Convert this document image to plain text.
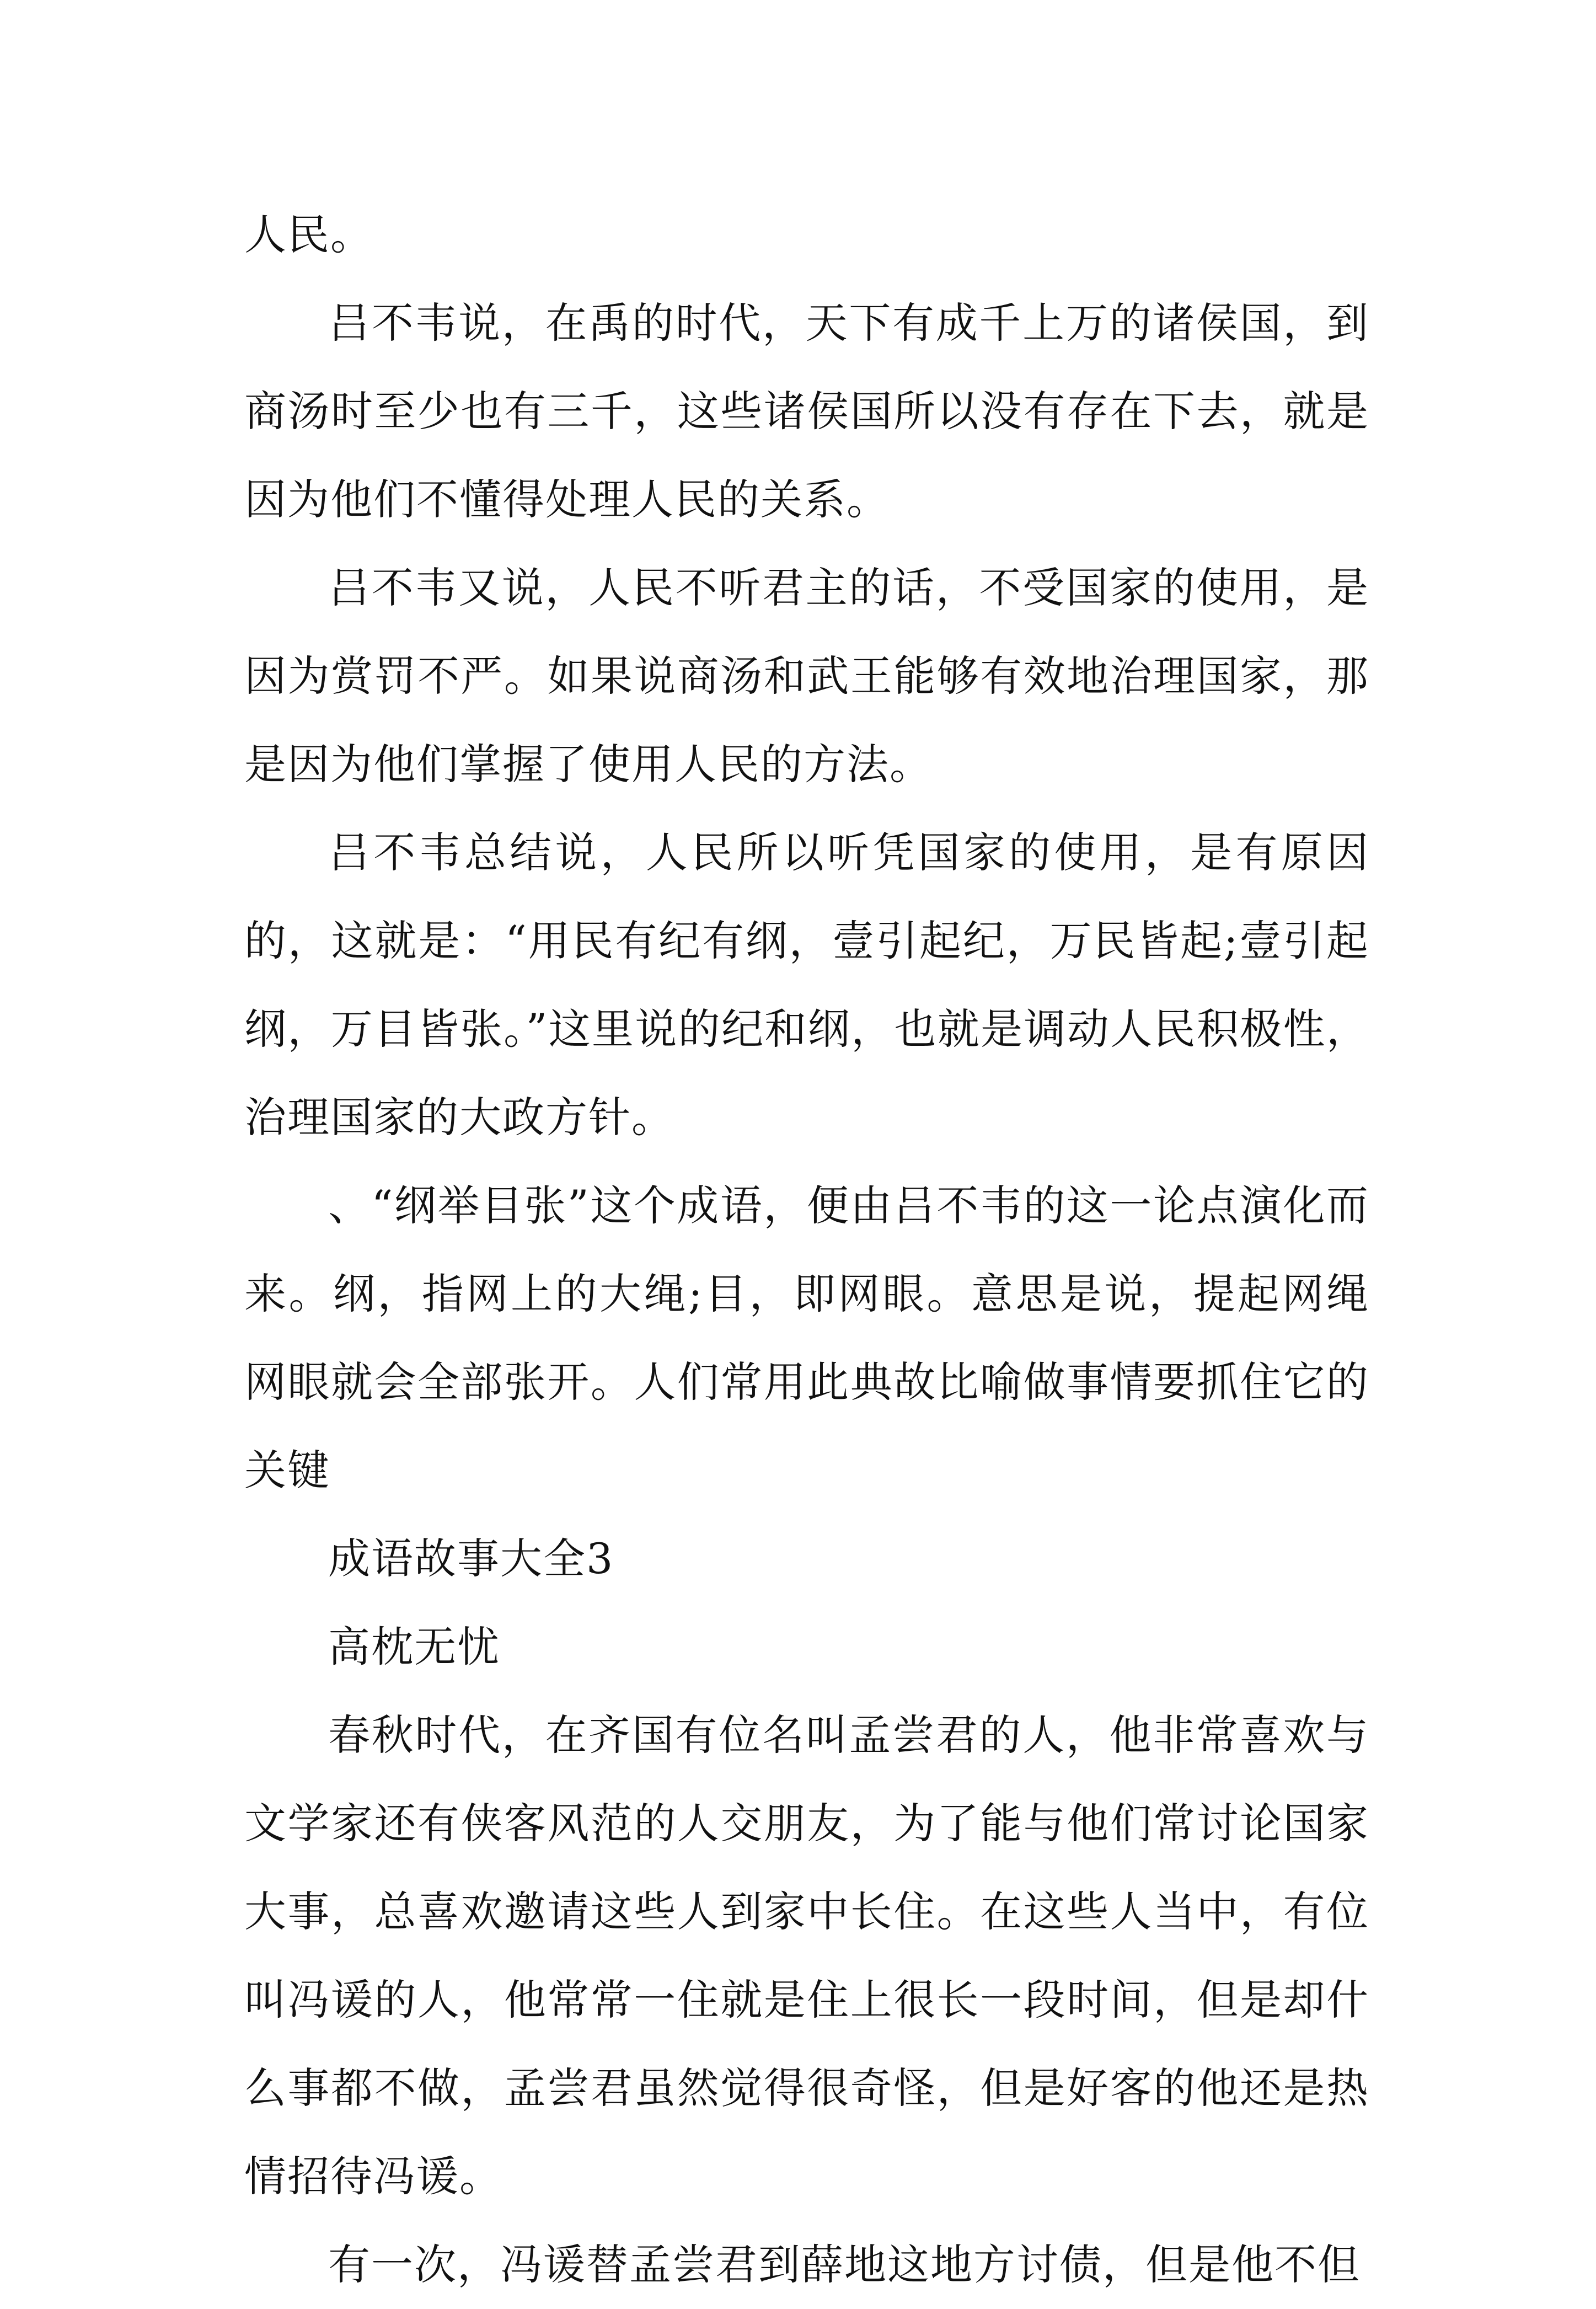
人民。

吕不韦说，在禹的时代，天下有成千上万的诸侯国，到商汤时至少也有三千，这些诸侯国所以没有存在下去，就是因为他们不懂得处理人民的关系。

吕不韦又说，人民不听君主的话，不受国家的使用，是因为赏罚不严。如果说商汤和武王能够有效地治理国家，那是因为他们掌握了使用人民的方法。

吕不韦总结说，人民所以听凭国家的使用，是有原因的，这就是：“用民有纪有纲，壹引起纪，万民皆起;壹引起纲，万目皆张。”这里说的纪和纲，也就是调动人民积极性，治理国家的大政方针。

、“纲举目张”这个成语，便由吕不韦的这一论点演化而来。纲，指网上的大绳;目，即网眼。意思是说，提起网绳网眼就会全部张开。人们常用此典故比喻做事情要抓住它的关键

成语故事大全3

高枕无忧

春秋时代，在齐国有位名叫孟尝君的人，他非常喜欢与文学家还有侠客风范的人交朋友，为了能与他们常讨论国家大事，总喜欢邀请这些人到家中长住。在这些人当中，有位叫冯谖的人，他常常一住就是住上很长一段时间，但是却什么事都不做，孟尝君虽然觉得很奇怪，但是好客的他还是热情招待冯谖。

有一次，冯谖替孟尝君到薛地这地方讨债，但是他不但
